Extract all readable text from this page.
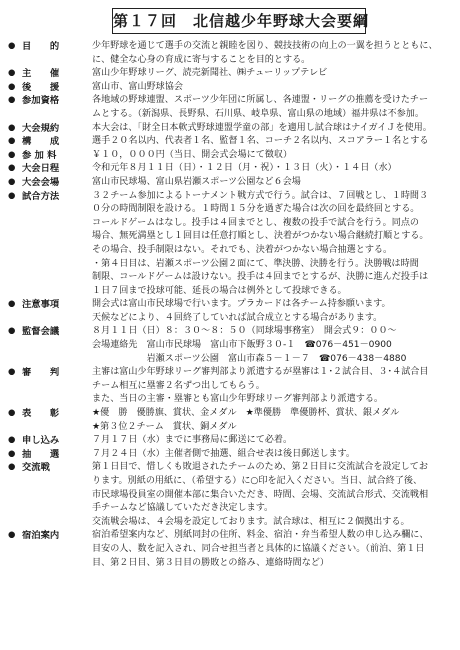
第１７回　北信越少年野球大会要綱
● 目　　的	少年野球を通じて選手の交流と親睦を図り、競技技術の向上の一翼を担うとともに、
に、健全な心身の育成に寄与することを目的とする。
● 主　　催	富山少年野球リーグ、読売新聞社、㈱チューリップテレビ
● 後　　援	富山市、富山野球協会
● 参加資格	各地域の野球連盟、スポーツ少年団に所属し、各連盟・リーグの推薦を受けたチー
ムとする。（新潟県、長野県、石川県、岐阜県、富山県の地域）福井県は不参加。
● 大会規約	本大会は、「財全日本軟式野球連盟学童の部」を適用し試合球はナイガイＪを使用。
● 構　　成	選手２０名以内、代表者１名、監督１名、コーチ２名以内、スコアラー１名とする
● 参 加 料	￥１０，０００円（当日、開会式会場にて徴収）
● 大会日程	令和元年８月１１日（日）・１２日（月・祝）・１３日（火）・１４日（水）
● 大会会場	富山市民球場、富山県岩瀬スポーツ公園など６会場
● 試合方法	３２チーム参加によるトーナメント戦方式で行う。試合は、７回戦とし、１時間３
０分の時間制限を設ける。１時間１５分を過ぎた場合は次の回を最終回とする。
コールドゲームはなし。投手は４回までとし、複数の投手で試合を行う。同点の
場合、無死満塁とし１回目は任意打順とし、決着がつかない場合継続打順とする。
その場合、投手制限はない。それでも、決着がつかない場合抽選とする。
・第４日目は、岩瀬スポーツ公園２面にて、準決勝、決勝を行う。決勝戦は時間
制限、コールドゲームは設けない。投手は４回までとするが、決勝に進んだ投手は
１日７回まで投球可能、延長の場合は例外として投球できる。
● 注意事項	開会式は富山市民球場で行います。プラカードは各チーム持参願います。
天候などにより、４回終了していれば試合成立とする場合があります。
● 監督会議	８月１１日（日）８：３０〜８：５０（同球場事務室）　開会式９：００〜
会場連絡先　富山市民球場　富山市下飯野３０-１　☎076－451－0900
　　　　　　岩瀬スポーツ公園　富山市森５－１－７　☎076－438－4880
● 審　　判	主審は富山少年野球リーグ審判部より派遣するが塁審は１･２試合目、３･４試合目
チーム相互に塁審２名ずつ出してもらう。
また、当日の主審・塁審とも富山少年野球リーグ審判部より派遣する。
● 表　　彰	★優　勝　優勝旗、賞状、金メダル　★準優勝　準優勝杯、賞状、銀メダル
★第３位２チーム　賞状、銅メダル
● 申し込み	７月１７日（水）までに事務局に郵送にて必着。
● 抽　　選	７月２４日（水）主催者側で抽選、組合せ表は後日郵送します。
● 交流戦	第１日目で、惜しくも敗退されたチームのため、第２日目に交流試合を設定してお
ります。別紙の用紙に、（希望する）に○印を記入ください。当日、試合終了後、
市民球場役員室の開催本部に集合いただき、時間、会場、交流試合形式、交流戦相
手チームなど協議していただき決定します。
交流戦会場は、４会場を設定しております。試合球は、相互に２個拠出する。
● 宿泊案内	宿泊希望案内など、別紙同封の住所、料金、宿泊・弁当希望人数の申し込み欄に、
目安の人、数を記入され、同合せ担当者と具体的に協議ください。（前泊、第１日
目、第２日目、第３日目の勝敗との絡み、連絡時間など）
